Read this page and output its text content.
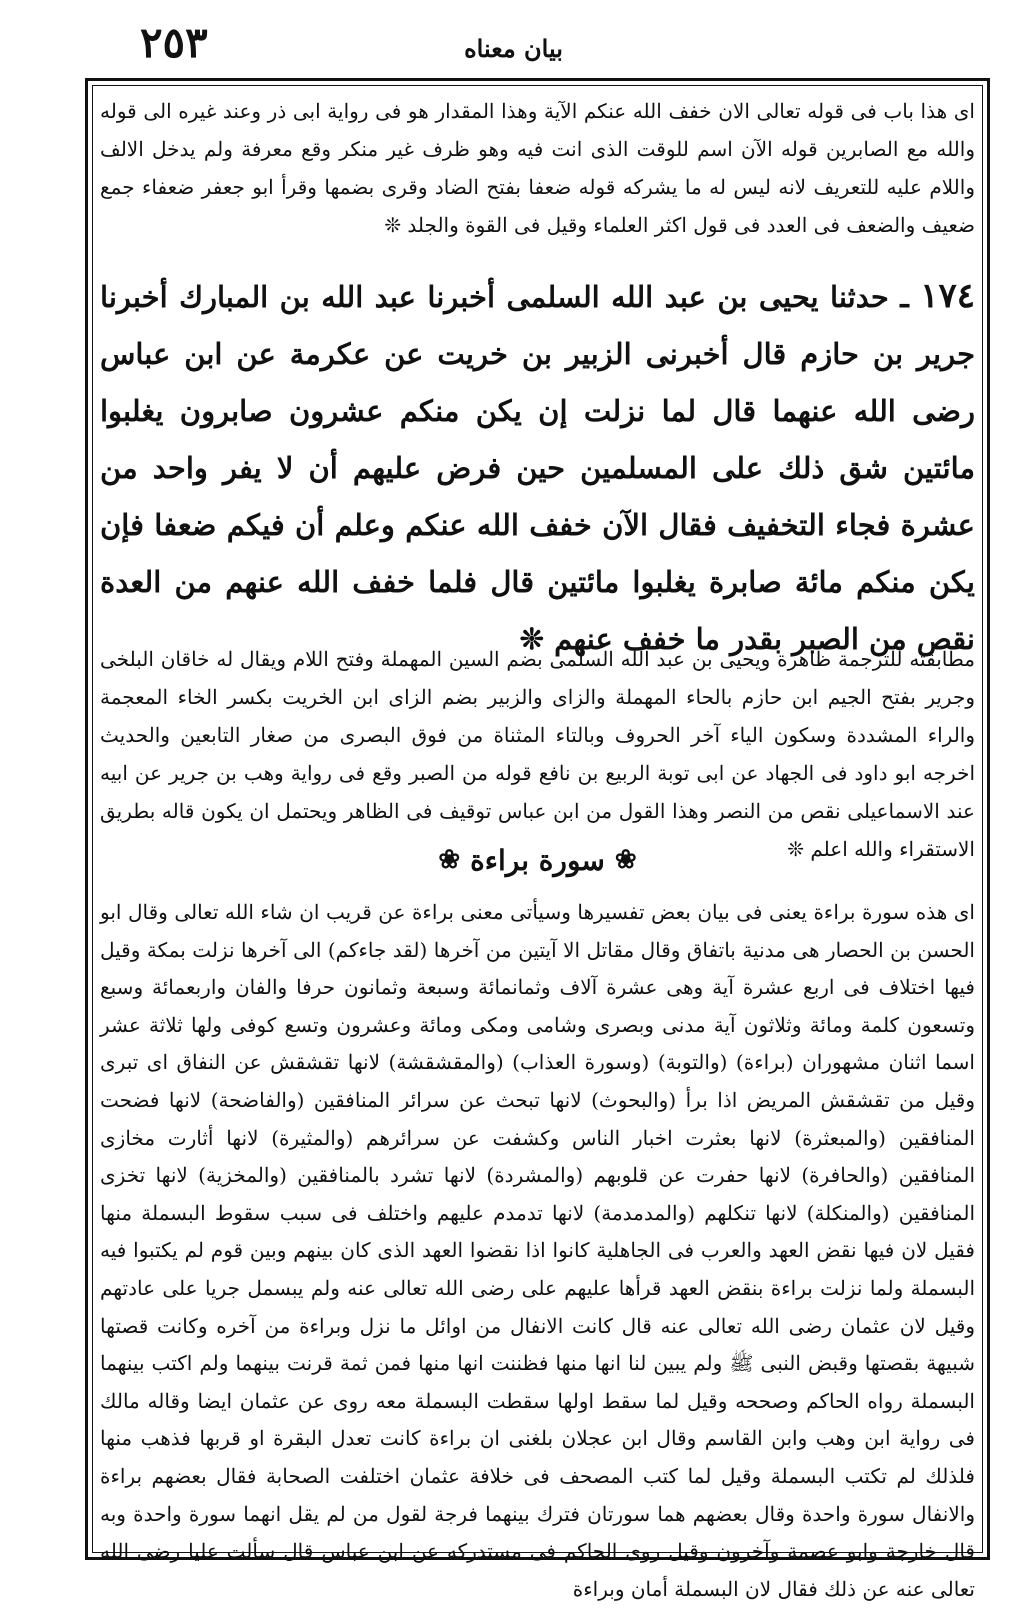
٢٥٣	بيان معناه

اى هذا باب فى قوله تعالى الان خفف الله عنكم الآية وهذا المقدار هو فى رواية ابى ذر وعند غيره الى قوله والله مع الصابرين قوله الآن اسم للوقت الذى انت فيه وهو ظرف غير منكر وقع معرفة ولم يدخل الالف واللام عليه للتعريف لانه ليس له ما يشركه قوله ضعفا بفتح الضاد وقرى بضمها وقرأ ابو جعفر ضعفاء جمع ضعيف والضعف فى العدد فى قول اكثر العلماء وقيل فى القوة والجلد ❊

١٧٤ ـ حدثنا يحيى بن عبد الله السلمى أخبرنا عبد الله بن المبارك أخبرنا جرير بن حازم قال أخبرنى الزبير بن خريت عن عكرمة عن ابن عباس رضى الله عنهما قال لما نزلت إن يكن منكم عشرون صابرون يغلبوا مائتين شق ذلك على المسلمين حين فرض عليهم أن لا يفر واحد من عشرة فجاء التخفيف فقال الآن خفف الله عنكم وعلم أن فيكم ضعفا فإن يكن منكم مائة صابرة يغلبوا مائتين قال فلما خفف الله عنهم من العدة نقص من الصبر بقدر ما خفف عنهم ❊

مطابقته للترجمة ظاهرة ويحيى بن عبد الله السلمى بضم السين المهملة وفتح اللام ويقال له خاقان البلخى وجرير بفتح الجيم ابن حازم بالحاء المهملة والزاى والزبير بضم الزاى ابن الخريت بكسر الخاء المعجمة والراء المشددة وسكون الياء آخر الحروف وبالتاء المثناة من فوق البصرى من صغار التابعين والحديث اخرجه ابو داود فى الجهاد عن ابى توبة الربيع بن نافع قوله من الصبر وقع فى رواية وهب بن جرير عن ابيه عند الاسماعيلى نقص من النصر وهذا القول من ابن عباس توقيف فى الظاهر ويحتمل ان يكون قاله بطريق الاستقراء والله اعلم ❊

❀
سورة براءة
❀

اى هذه سورة براءة يعنى فى بيان بعض تفسيرها وسيأتى معنى براءة عن قريب ان شاء الله تعالى وقال ابو الحسن بن الحصار هى مدنية باتفاق وقال مقاتل الا آيتين من آخرها (لقد جاءكم) الى آخرها نزلت بمكة وقيل فيها اختلاف فى اربع عشرة آية وهى عشرة آلاف وثمانمائة وسبعة وثمانون حرفا والفان واربعمائة وسبع وتسعون كلمة ومائة وثلاثون آية مدنى وبصرى وشامى ومكى ومائة وعشرون وتسع كوفى ولها ثلاثة عشر اسما اثنان مشهوران (براءة) (والتوبة) (وسورة العذاب) (والمقشقشة) لانها تقشقش عن النفاق اى تبرى وقيل من تقشقش المريض اذا برأ (والبحوث) لانها تبحث عن سرائر المنافقين (والفاضحة) لانها فضحت المنافقين (والمبعثرة) لانها بعثرت اخبار الناس وكشفت عن سرائرهم (والمثيرة) لانها أثارت مخازى المنافقين (والحافرة) لانها حفرت عن قلوبهم (والمشردة) لانها تشرد بالمنافقين (والمخزية) لانها تخزى المنافقين (والمنكلة) لانها تنكلهم (والمدمدمة) لانها تدمدم عليهم واختلف فى سبب سقوط البسملة منها فقيل لان فيها نقض العهد والعرب فى الجاهلية كانوا اذا نقضوا العهد الذى كان بينهم وبين قوم لم يكتبوا فيه البسملة ولما نزلت براءة بنقض العهد قرأها عليهم على رضى الله تعالى عنه ولم يبسمل جريا على عادتهم وقيل لان عثمان رضى الله تعالى عنه قال كانت الانفال من اوائل ما نزل وبراءة من آخره وكانت قصتها شبيهة بقصتها وقبض النبى ﷺ ولم يبين لنا انها منها فظننت انها منها فمن ثمة قرنت بينهما ولم اكتب بينهما البسملة رواه الحاكم وصححه وقيل لما سقط اولها سقطت البسملة معه روى عن عثمان ايضا وقاله مالك فى رواية ابن وهب وابن القاسم وقال ابن عجلان بلغنى ان براءة كانت تعدل البقرة او قربها فذهب منها فلذلك لم تكتب البسملة وقيل لما كتب المصحف فى خلافة عثمان اختلفت الصحابة فقال بعضهم براءة والانفال سورة واحدة وقال بعضهم هما سورتان فترك بينهما فرجة لقول من لم يقل انهما سورة واحدة وبه قال خارجة وابو عصمة وآخرون وقيل روى الحاكم فى مستدركه عن ابن عباس قال سألت عليا رضى الله تعالى عنه عن ذلك فقال لان البسملة أمان وبراءة
